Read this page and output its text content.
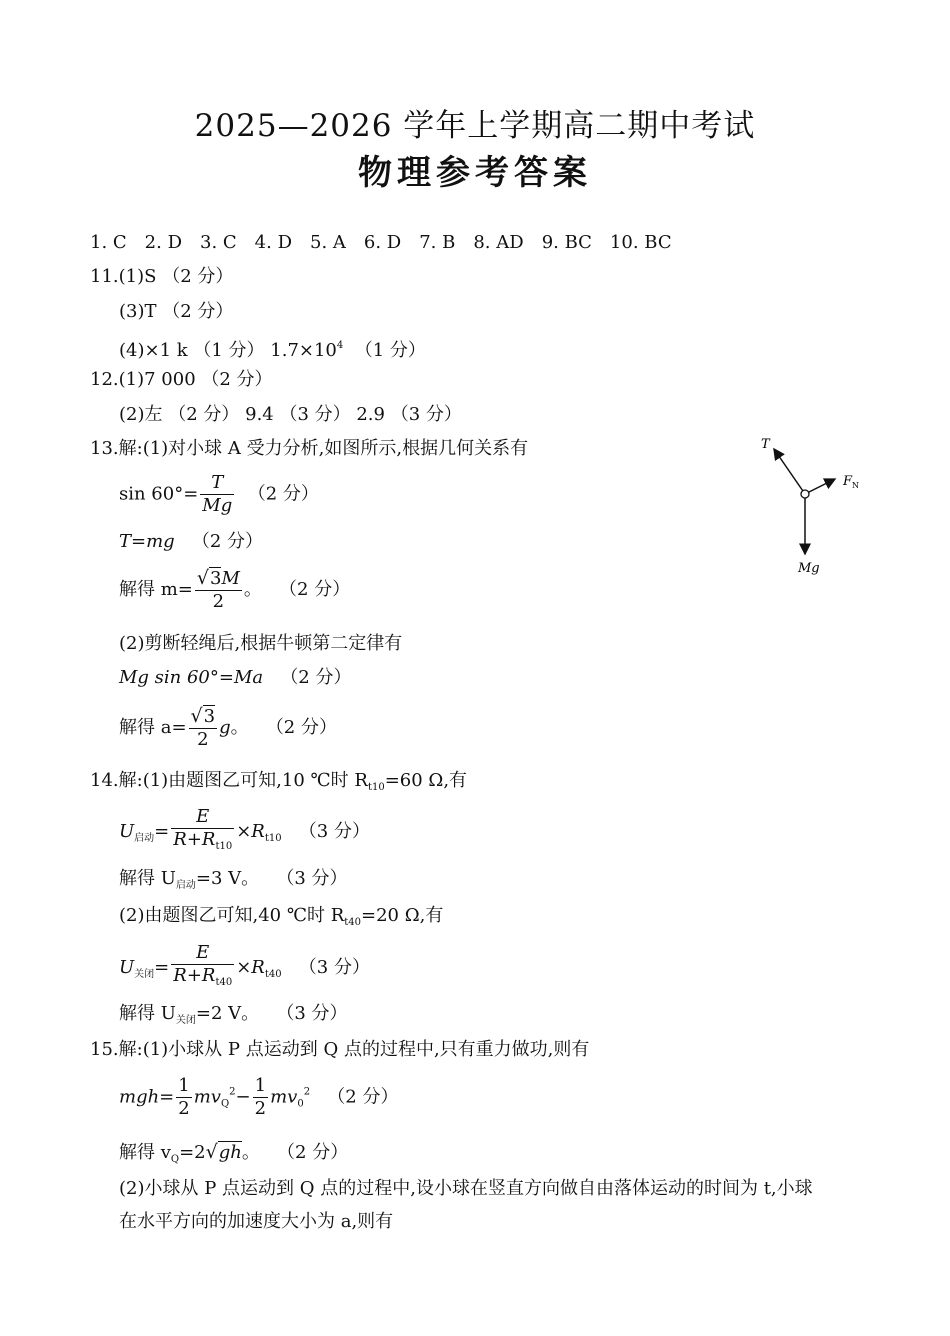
2025—2026 学年上学期高二期中考试
物理参考答案
1. C 2. D 3. C 4. D 5. A 6. D 7. B 8. AD 9. BC 10. BC
11.(1)S （2 分）
(3)T （2 分）
(4)×1 k （1 分） $1.7\times 10^4$ （1 分）
12.(1)7 000 （2 分）
(2)左 （2 分） 9.4 （3 分） 2.9 （3 分）
13.解:(1)对小球 A 受力分析,如图所示,根据几何关系有
$\sin 60^\circ= \frac{T}{Mg} (2$ 分）
T=mg （2 分）
解得 $m= \frac{√3M}{2}$ 。 （2 分）
(2)剪断轻绳后,根据牛顿第二定律有
Mg sin 60°=Ma （2 分）
解得 $a= \frac{√3}{2}$ g。 （2 分）
T
$F_N$
Mg
14.解:(1)由题图乙可知,10 ℃时 $R_{t10}=60$ Ω,有
$U_{启动}= \frac{E}{R+R_{t10}} \times R_{t10}$ （3 分）
解得 $U_{启动}=3$ V。 （3 分）
(2)由题图乙可知,40 ℃时 $R_{t40}=20$ Ω,有
$U_{关闭}= \frac{E}{R+R_{t40}} \times R_{t40}$ （3 分）
解得 $U_{关闭}=2$ V。 （3 分）
15.解:(1)小球从 P 点运动到 Q 点的过程中,只有重力做功,则有
$mgh= \frac{1}{2} mv_Q^2- \frac{1}{2} mv_0^2$ （2 分）
解得 $v_Q=2√gh$。 （2 分）
(2)小球从 P 点运动到 Q 点的过程中,设小球在竖直方向做自由落体运动的时间为 t,小球
在水平方向的加速度大小为 a,则有
